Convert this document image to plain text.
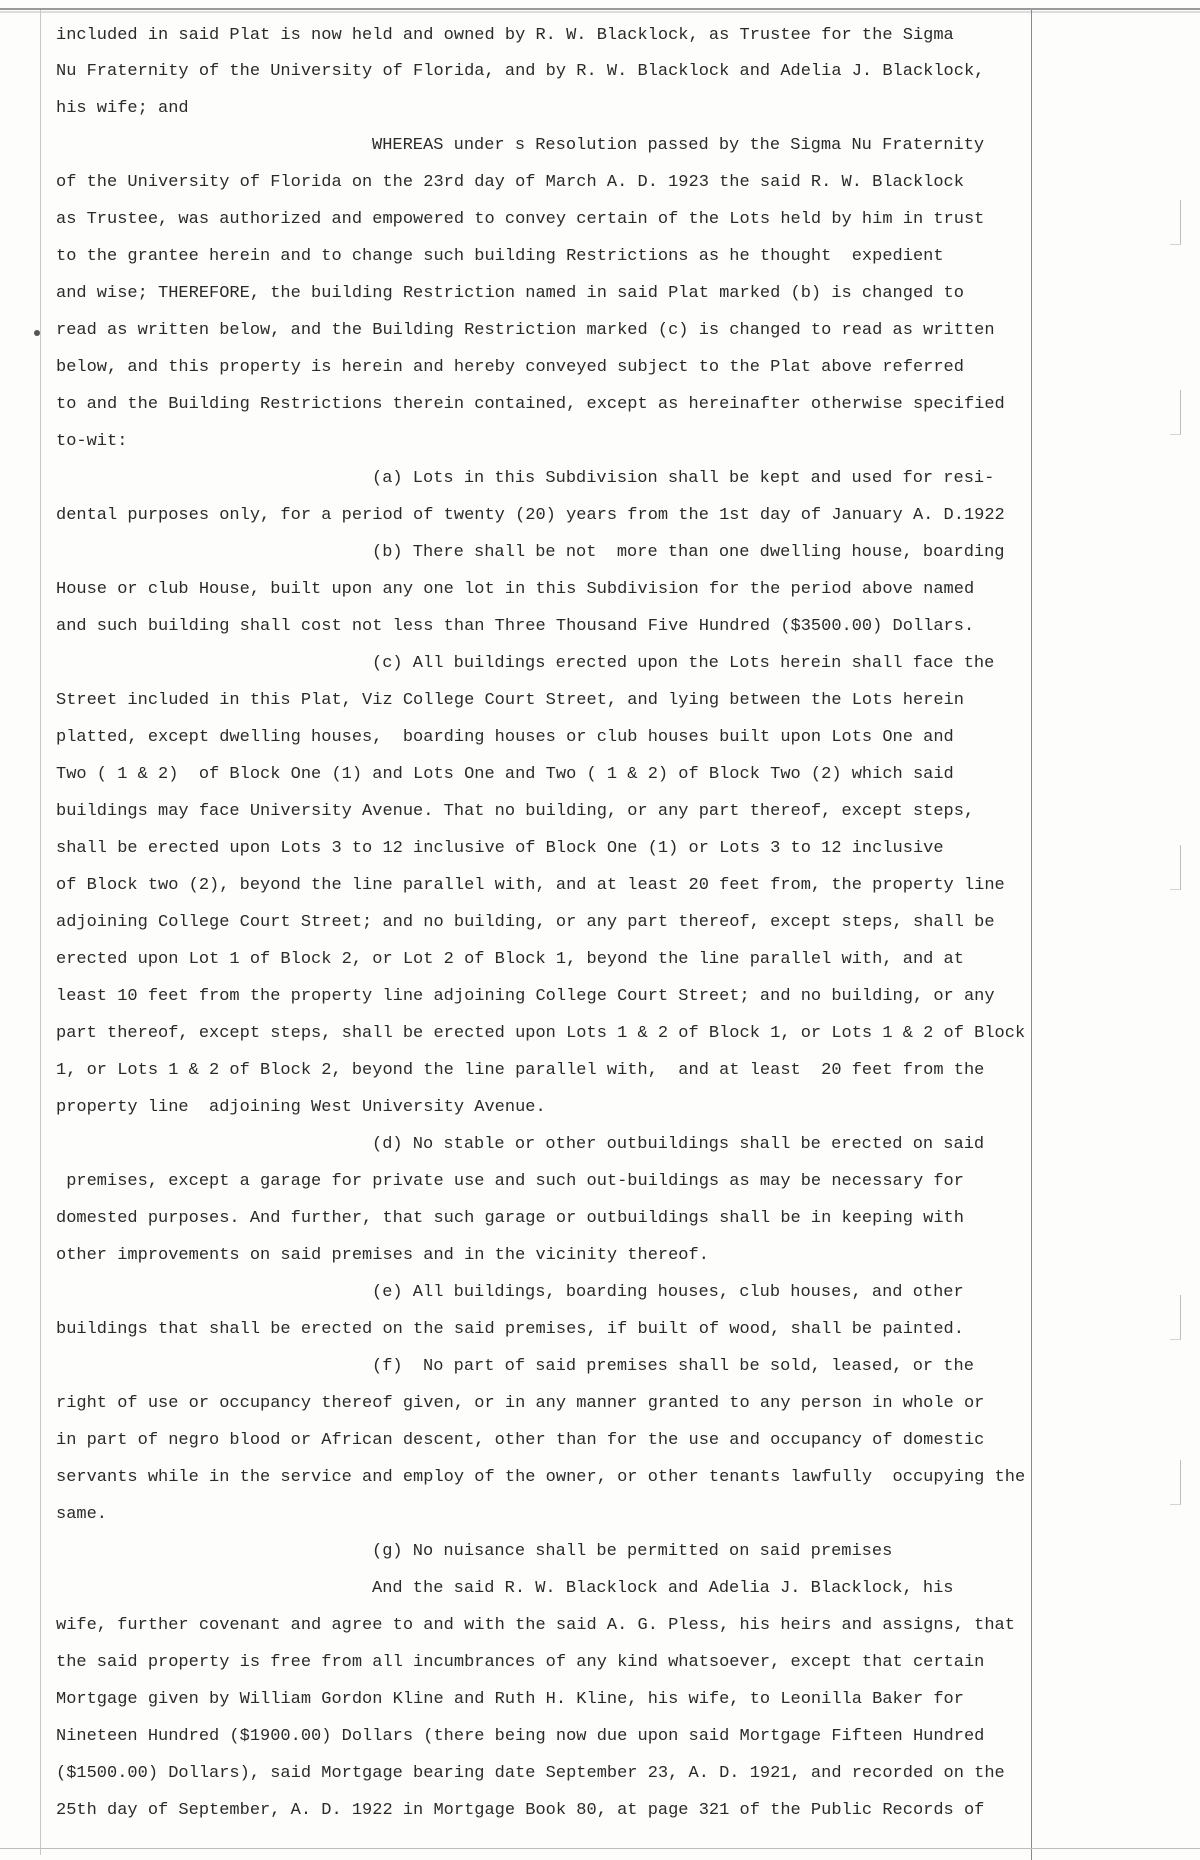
included in said Plat is now held and owned by R. W. Blacklock, as Trustee for the Sigma
Nu Fraternity of the University of Florida, and by R. W. Blacklock and Adelia J. Blacklock,
his wife; and
WHEREAS under s Resolution passed by the Sigma Nu Fraternity
of the University of Florida on the 23rd day of March A. D. 1923 the said R. W. Blacklock
as Trustee, was authorized and empowered to convey certain of the Lots held by him in trust
to the grantee herein and to change such building Restrictions as he thought  expedient
and wise; THEREFORE, the building Restriction named in said Plat marked (b) is changed to
read as written below, and the Building Restriction marked (c) is changed to read as written
below, and this property is herein and hereby conveyed subject to the Plat above referred
to and the Building Restrictions therein contained, except as hereinafter otherwise specified
to-wit:
(a) Lots in this Subdivision shall be kept and used for resi-
dental purposes only, for a period of twenty (20) years from the 1st day of January A. D.1922
(b) There shall be not  more than one dwelling house, boarding
House or club House, built upon any one lot in this Subdivision for the period above named
and such building shall cost not less than Three Thousand Five Hundred ($3500.00) Dollars.
(c) All buildings erected upon the Lots herein shall face the
Street included in this Plat, Viz College Court Street, and lying between the Lots herein
platted, except dwelling houses,  boarding houses or club houses built upon Lots One and
Two ( 1 & 2)  of Block One (1) and Lots One and Two ( 1 & 2) of Block Two (2) which said
buildings may face University Avenue. That no building, or any part thereof, except steps,
shall be erected upon Lots 3 to 12 inclusive of Block One (1) or Lots 3 to 12 inclusive
of Block two (2), beyond the line parallel with, and at least 20 feet from, the property line
adjoining College Court Street; and no building, or any part thereof, except steps, shall be
erected upon Lot 1 of Block 2, or Lot 2 of Block 1, beyond the line parallel with, and at
least 10 feet from the property line adjoining College Court Street; and no building, or any
part thereof, except steps, shall be erected upon Lots 1 & 2 of Block 1, or Lots 1 & 2 of Block
1, or Lots 1 & 2 of Block 2, beyond the line parallel with,  and at least  20 feet from the
property line  adjoining West University Avenue.
(d) No stable or other outbuildings shall be erected on said
premises, except a garage for private use and such out-buildings as may be necessary for
domested purposes. And further, that such garage or outbuildings shall be in keeping with
other improvements on said premises and in the vicinity thereof.
(e) All buildings, boarding houses, club houses, and other
buildings that shall be erected on the said premises, if built of wood, shall be painted.
(f)  No part of said premises shall be sold, leased, or the
right of use or occupancy thereof given, or in any manner granted to any person in whole or
in part of negro blood or African descent, other than for the use and occupancy of domestic
servants while in the service and employ of the owner, or other tenants lawfully  occupying the
same.
(g) No nuisance shall be permitted on said premises
And the said R. W. Blacklock and Adelia J. Blacklock, his
wife, further covenant and agree to and with the said A. G. Pless, his heirs and assigns, that
the said property is free from all incumbrances of any kind whatsoever, except that certain
Mortgage given by William Gordon Kline and Ruth H. Kline, his wife, to Leonilla Baker for
Nineteen Hundred ($1900.00) Dollars (there being now due upon said Mortgage Fifteen Hundred
($1500.00) Dollars), said Mortgage bearing date September 23, A. D. 1921, and recorded on the
25th day of September, A. D. 1922 in Mortgage Book 80, at page 321 of the Public Records of
